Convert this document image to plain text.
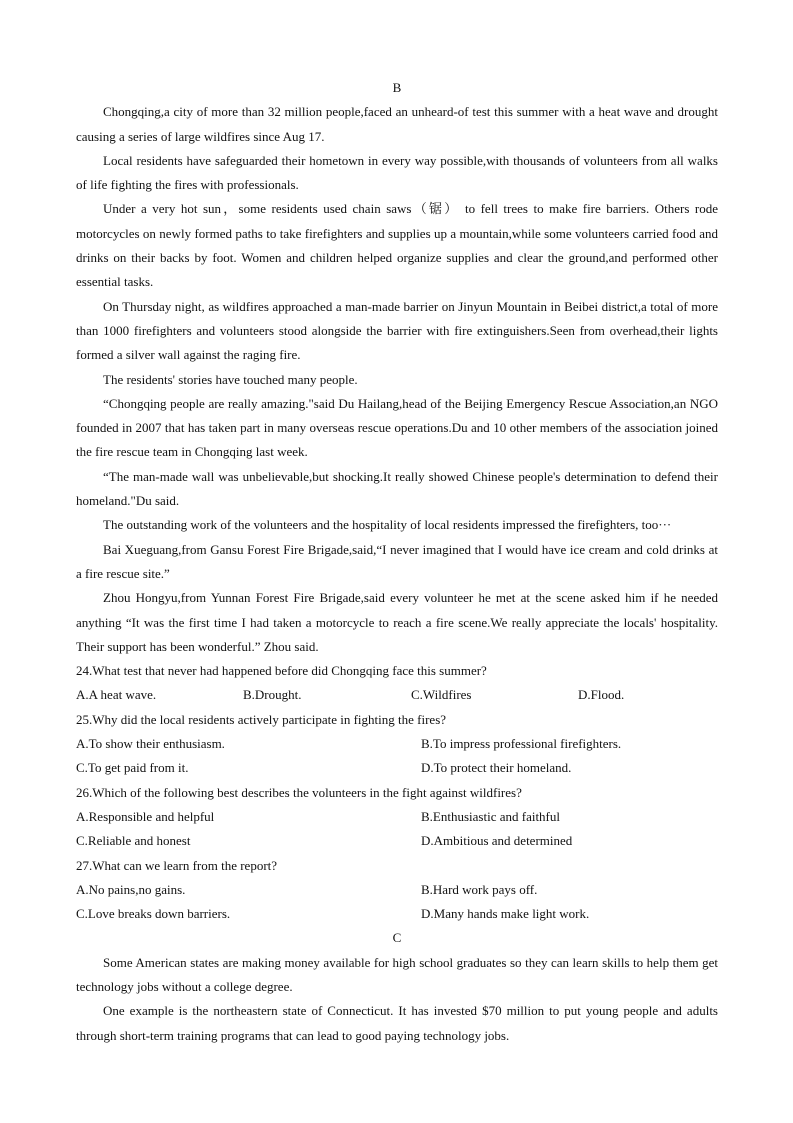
B

Chongqing,a city of more than 32 million people,faced an unheard-of test this summer with a heat wave and drought causing a series of large wildfires since Aug 17.

Local residents have safeguarded their hometown in every way possible,with thousands of volunteers from all walks of life fighting the fires with professionals.

Under a very hot sun，some residents used chain saws（锯） to fell trees to make fire barriers. Others rode motorcycles on newly formed paths to take firefighters and supplies up a mountain,while some volunteers carried food and drinks on their backs by foot. Women and children helped organize supplies and clear the ground,and performed other essential tasks.

On Thursday night, as wildfires approached a man-made barrier on Jinyun Mountain in Beibei district,a total of more than 1000 firefighters and volunteers stood alongside the barrier with fire extinguishers.Seen from overhead,their lights formed a silver wall against the raging fire.

The residents' stories have touched many people.

“Chongqing people are really amazing."said Du Hailang,head of the Beijing Emergency Rescue Association,an NGO founded in 2007 that has taken part in many overseas rescue operations.Du and 10 other members of the association joined the fire rescue team in Chongqing last week.

“The man-made wall was unbelievable,but shocking.It really showed Chinese people's determination to defend their homeland."Du said.

The outstanding work of the volunteers and the hospitality of local residents impressed the firefighters, too···

Bai Xueguang,from Gansu Forest Fire Brigade,said,“I never imagined that I would have ice cream and cold drinks at a fire rescue site.”

Zhou Hongyu,from Yunnan Forest Fire Brigade,said every volunteer he met at the scene asked him if he needed anything “It was the first time I had taken a motorcycle to reach a fire scene.We really appreciate the locals' hospitality. Their support has been wonderful.” Zhou said.

24.What test that never had happened before did Chongqing face this summer?
A.A heat wave.	B.Drought.	C.Wildfires	D.Flood.
25.Why did the local residents actively participate in fighting the fires?
A.To show their enthusiasm.	B.To impress professional firefighters.
C.To get paid from it.	D.To protect their homeland.
26.Which of the following best describes the volunteers in the fight against wildfires?
A.Responsible and helpful	B.Enthusiastic and faithful
C.Reliable and honest	D.Ambitious and determined
27.What can we learn from the report?
A.No pains,no gains.	B.Hard work pays off.
C.Love breaks down barriers.	D.Many hands make light work.
C

Some American states are making money available for high school graduates so they can learn skills to help them get technology jobs without a college degree.

One example is the northeastern state of Connecticut. It has invested $70 million to put young people and adults through short-term training programs that can lead to good paying technology jobs.
